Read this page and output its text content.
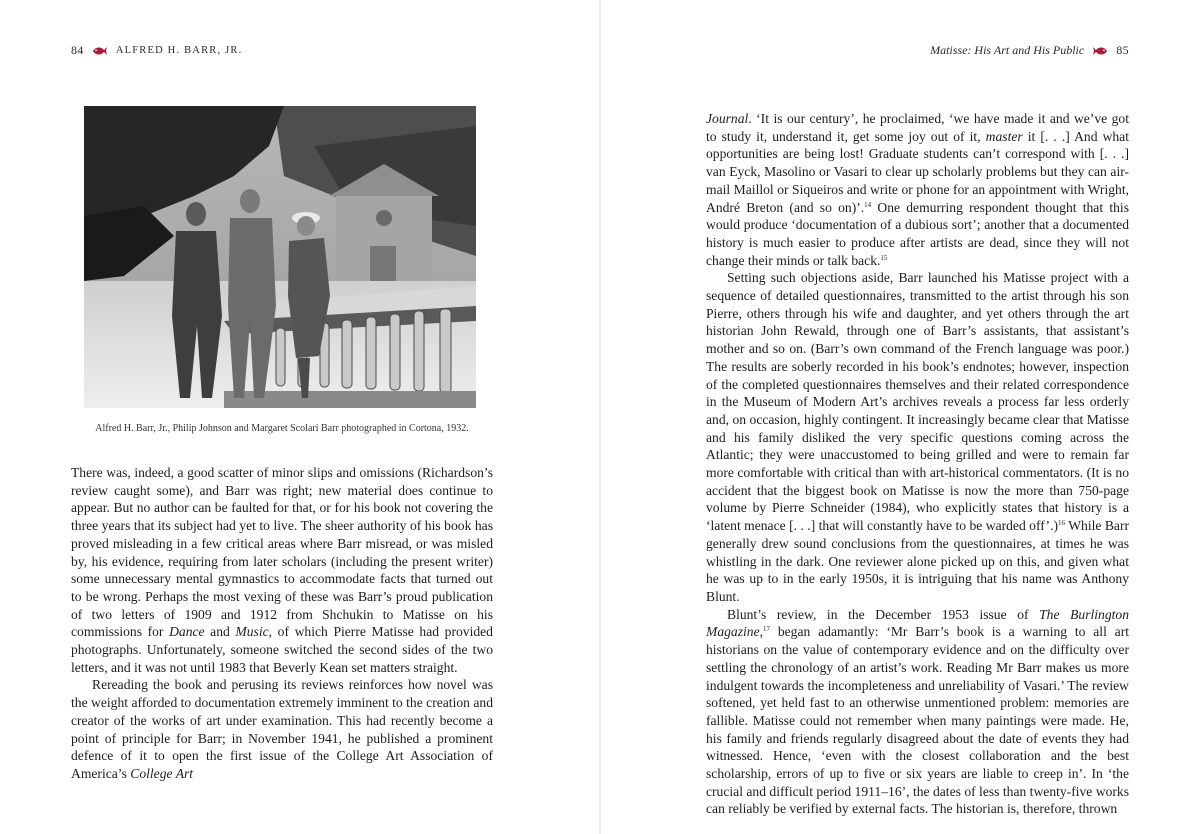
84	ALFRED H. BARR, JR.
Alfred H. Barr, Jr., Philip Johnson and Margaret Scolari Barr photographed in Cortona, 1932.

There was, indeed, a good scatter of minor slips and omissions (Richardson’s review caught some), and Barr was right; new material does continue to appear. But no author can be faulted for that, or for his book not covering the three years that its subject had yet to live. The sheer authority of his book has proved misleading in a few critical areas where Barr misread, or was misled by, his evidence, requiring from later scholars (including the present writer) some unnecessary mental gymnastics to accommodate facts that turned out to be wrong. Perhaps the most vexing of these was Barr’s proud publication of two letters of 1909 and 1912 from Shchukin to Matisse on his commissions for Dance and Music, of which Pierre Matisse had provided photographs. Unfortunately, someone switched the second sides of the two letters, and it was not until 1983 that Beverly Kean set matters straight.

Rereading the book and perusing its reviews reinforces how novel was the weight afforded to documentation extremely imminent to the creation and creator of the works of art under examination. This had recently become a point of principle for Barr; in November 1941, he published a prominent defence of it to open the first issue of the College Art Association of America’s College Art

Matisse: His Art and His Public	85

Journal. ‘It is our century’, he proclaimed, ‘we have made it and we’ve got to study it, understand it, get some joy out of it, master it [. . .] And what opportunities are being lost! Graduate students can’t correspond with [. . .] van Eyck, Masolino or Vasari to clear up scholarly problems but they can air-mail Maillol or Siqueiros and write or phone for an appointment with Wright, André Breton (and so on)’.$^{14}$ One demurring respondent thought that this would produce ‘documentation of a dubious sort’; another that a documented history is much easier to produce after artists are dead, since they will not change their minds or talk back.$^{15}$

Setting such objections aside, Barr launched his Matisse project with a sequence of detailed questionnaires, transmitted to the artist through his son Pierre, others through his wife and daughter, and yet others through the art historian John Rewald, through one of Barr’s assistants, that assistant’s mother and so on. (Barr’s own command of the French language was poor.) The results are soberly recorded in his book’s endnotes; however, inspection of the completed questionnaires themselves and their related correspondence in the Museum of Modern Art’s archives reveals a process far less orderly and, on occasion, highly contingent. It increasingly became clear that Matisse and his family disliked the very specific questions coming across the Atlantic; they were unaccustomed to being grilled and were to remain far more comfortable with critical than with art-historical commentators. (It is no accident that the biggest book on Matisse is now the more than 750-page volume by Pierre Schneider (1984), who explicitly states that history is a ‘latent menace [. . .] that will constantly have to be warded off’.)$^{16}$ While Barr generally drew sound conclusions from the questionnaires, at times he was whistling in the dark. One reviewer alone picked up on this, and given what he was up to in the early 1950s, it is intriguing that his name was Anthony Blunt.

Blunt’s review, in the December 1953 issue of The Burlington Magazine,$^{17}$ began adamantly: ‘Mr Barr’s book is a warning to all art historians on the value of contemporary evidence and on the difficulty over settling the chronology of an artist’s work. Reading Mr Barr makes us more indulgent towards the incompleteness and unreliability of Vasari.’ The review softened, yet held fast to an otherwise unmentioned problem: memories are fallible. Matisse could not remember when many paintings were made. He, his family and friends regularly disagreed about the date of events they had witnessed. Hence, ‘even with the closest collaboration and the best scholarship, errors of up to five or six years are liable to creep in’. In ‘the crucial and difficult period 1911–16’, the dates of less than twenty-five works can reliably be verified by external facts. The historian is, therefore, thrown
